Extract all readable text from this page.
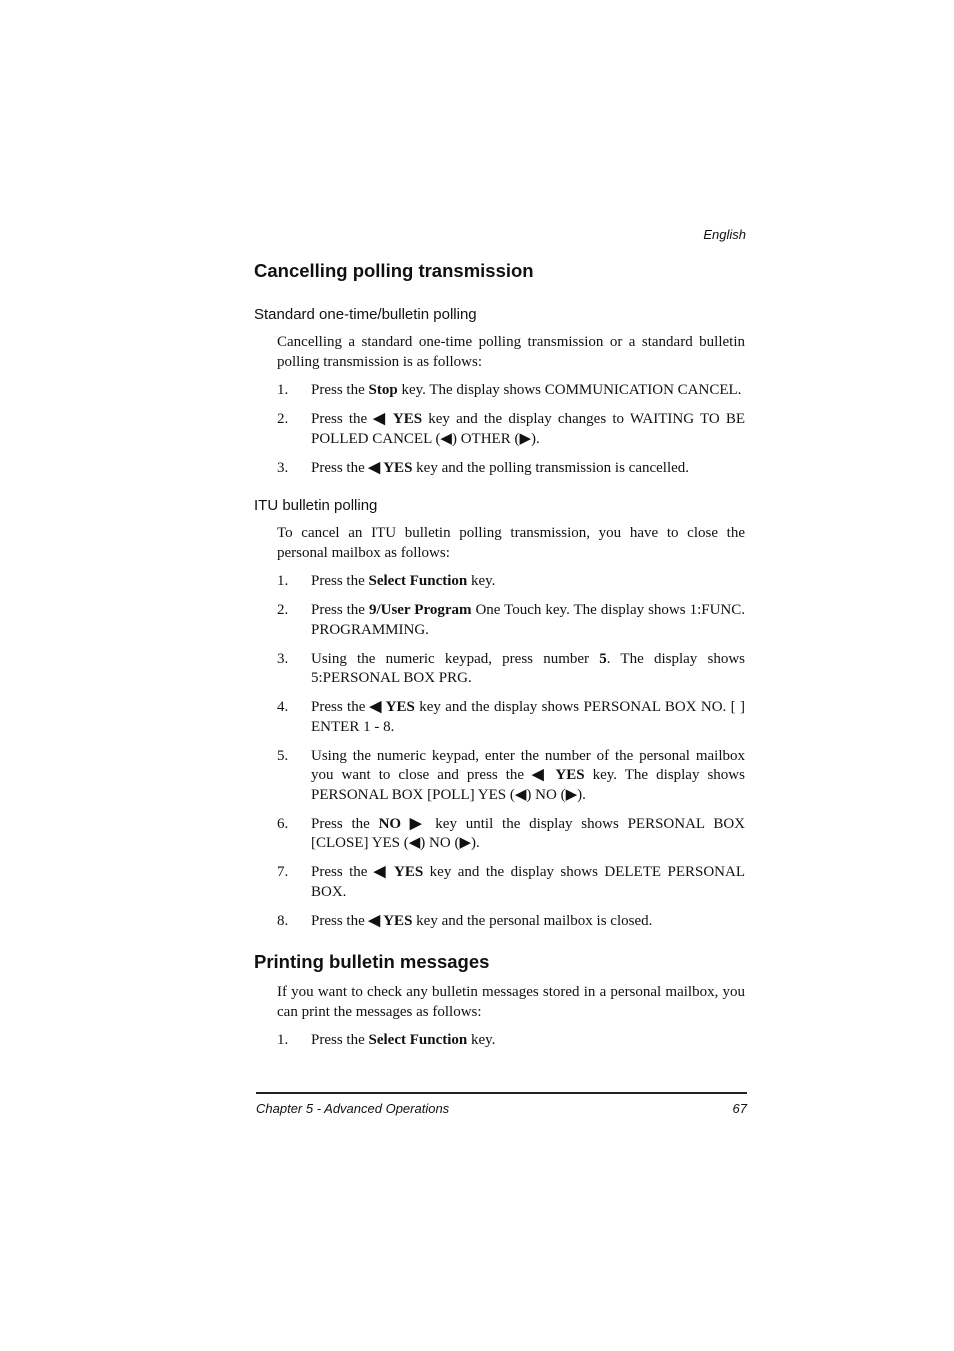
English
Cancelling polling transmission
Standard one-time/bulletin polling

Cancelling a standard one-time polling transmission or a standard bulletin polling transmission is as follows:

1. Press the Stop key. The display shows COMMUNICATION CANCEL.
2. Press the ◀ YES key and the display changes to WAITING TO BE POLLED CANCEL (◀) OTHER (▶).
3. Press the ◀ YES key and the polling transmission is cancelled.
ITU bulletin polling

To cancel an ITU bulletin polling transmission, you have to close the personal mailbox as follows:

1. Press the Select Function key.
2. Press the 9/User Program One Touch key. The display shows 1:FUNC. PROGRAMMING.
3. Using the numeric keypad, press number 5. The display shows 5:PERSONAL BOX PRG.
4. Press the ◀ YES key and the display shows PERSONAL BOX NO. [ ] ENTER 1 - 8.
5. Using the numeric keypad, enter the number of the personal mailbox you want to close and press the ◀ YES key. The display shows PERSONAL BOX [POLL] YES (◀) NO (▶).
6. Press the NO ▶ key until the display shows PERSONAL BOX [CLOSE] YES (◀) NO (▶).
7. Press the ◀ YES key and the display shows DELETE PERSONAL BOX.
8. Press the ◀ YES key and the personal mailbox is closed.
Printing bulletin messages

If you want to check any bulletin messages stored in a personal mailbox, you can print the messages as follows:

1. Press the Select Function key.
Chapter 5 - Advanced Operations	67
